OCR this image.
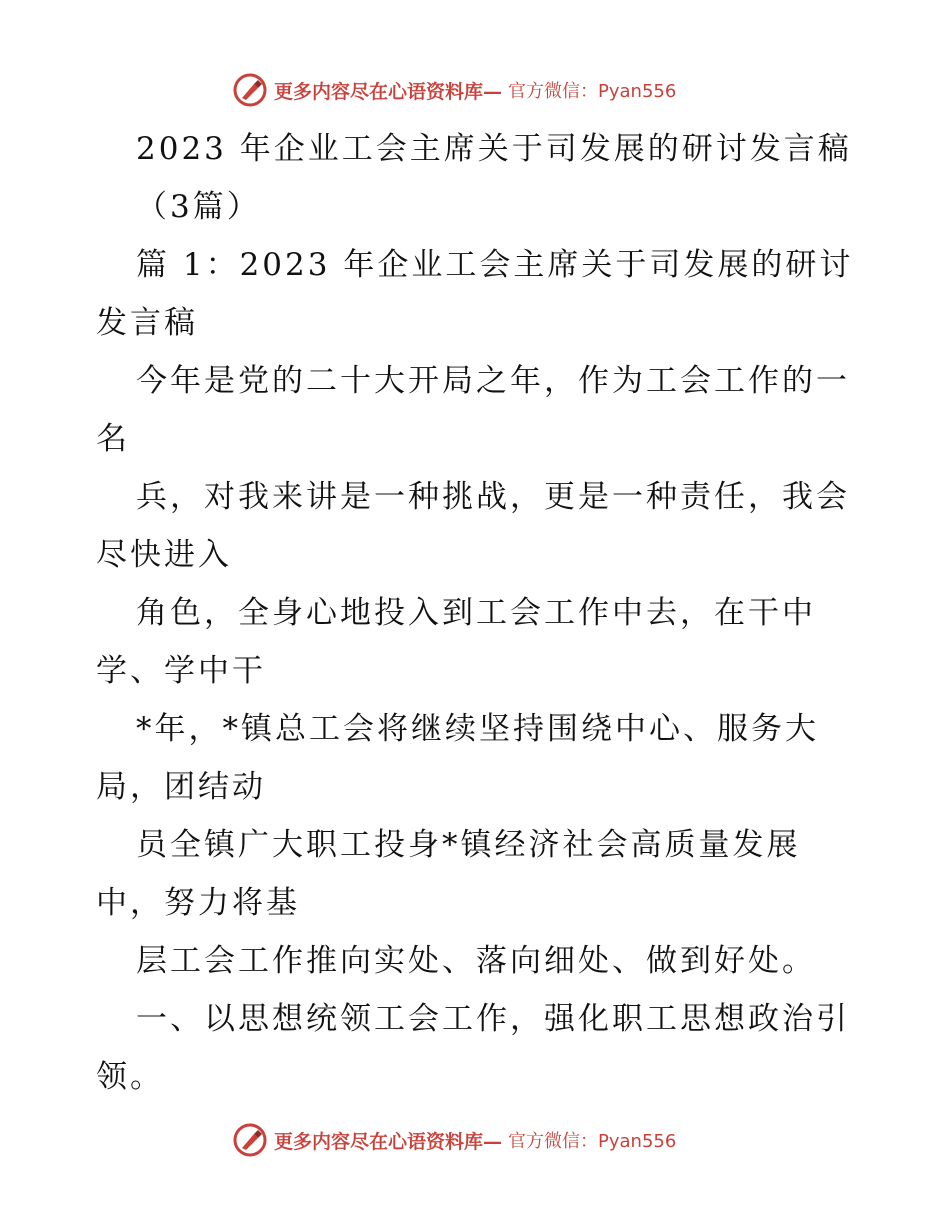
更多内容尽在心语资料库— 官方微信：Pyan556
2023 年企业工会主席关于司发展的研讨发言稿
（3篇）
篇 1：2023 年企业工会主席关于司发展的研讨
发言稿
今年是党的二十大开局之年，作为工会工作的一
名
兵，对我来讲是一种挑战，更是一种责任，我会
尽快进入
角色，全身心地投入到工会工作中去，在干中
学、学中干
*年，*镇总工会将继续坚持围绕中心、服务大
局，团结动
员全镇广大职工投身*镇经济社会高质量发展
中，努力将基
层工会工作推向实处、落向细处、做到好处。
一、以思想统领工会工作，强化职工思想政治引
领。
更多内容尽在心语资料库— 官方微信：Pyan556
